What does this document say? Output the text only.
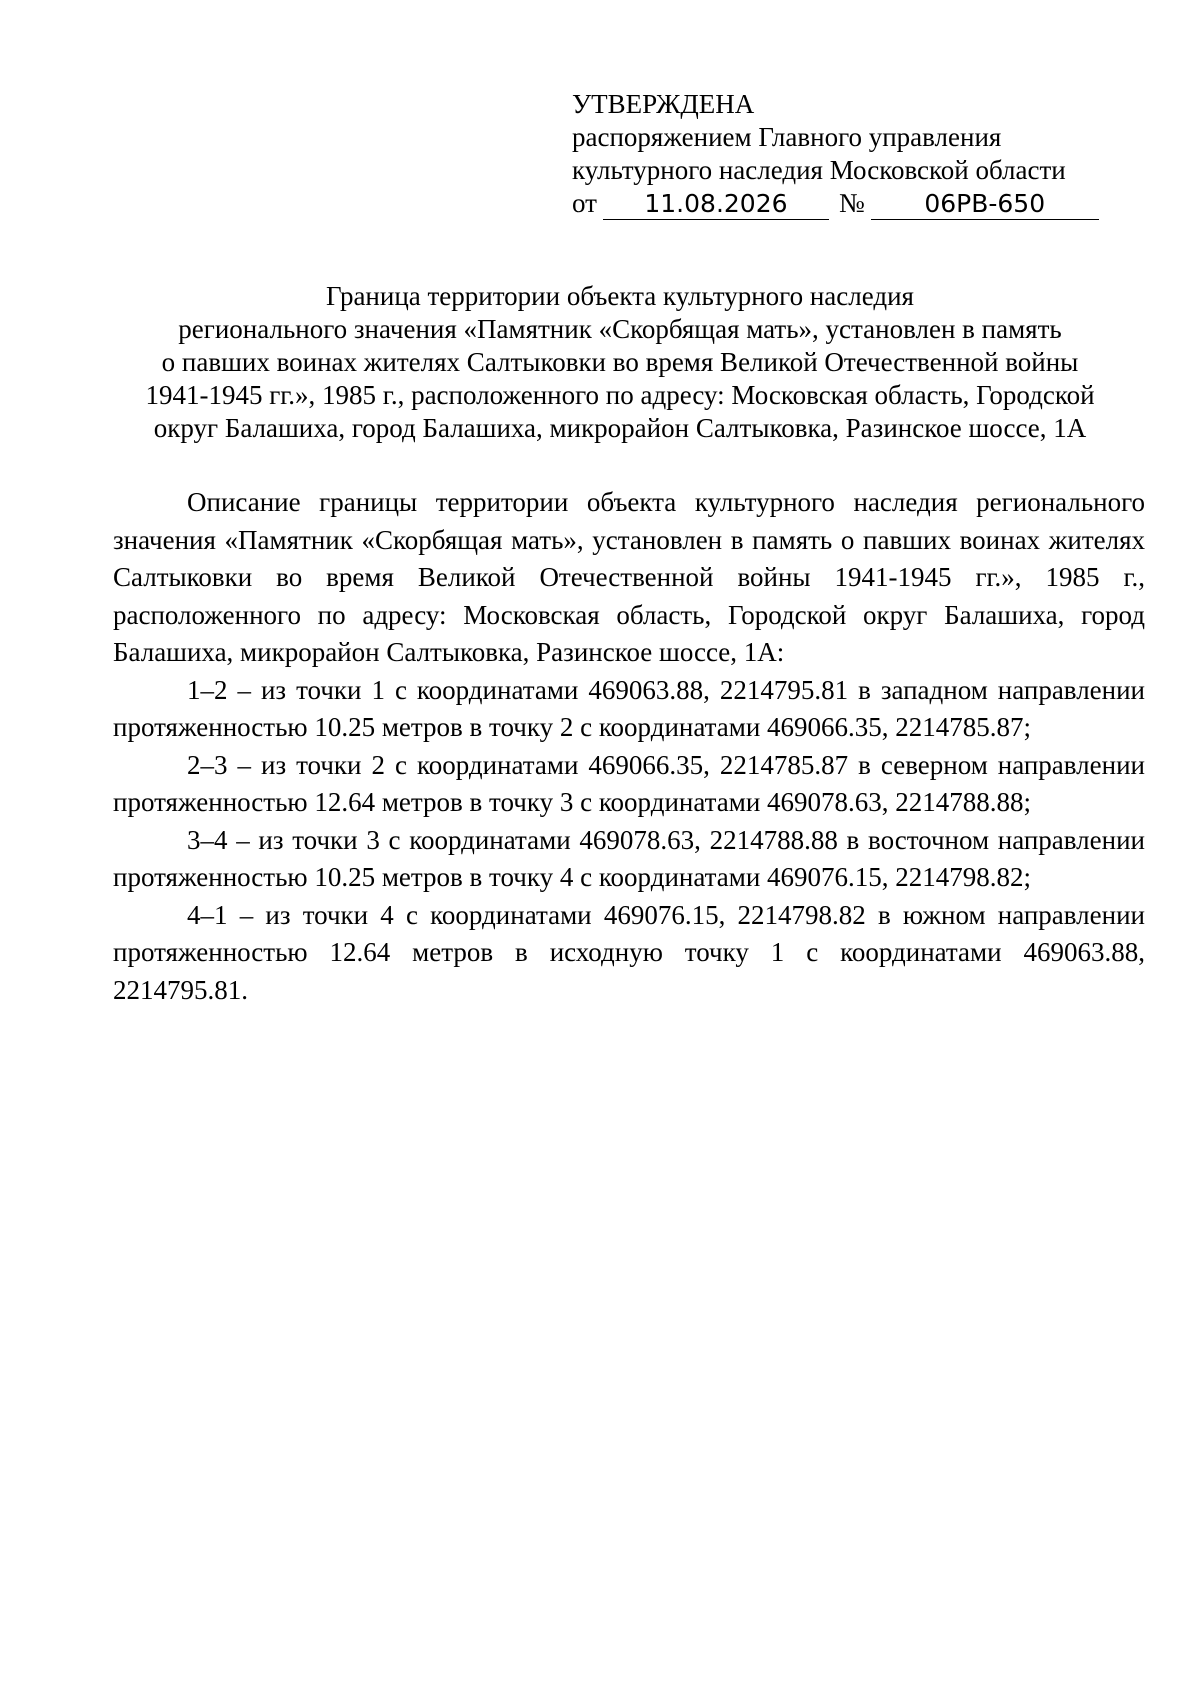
УТВЕРЖДЕНА
распоряжением Главного управления
культурного наследия Московской области
от	11.08.2026	№	06РВ-650
Граница территории объекта культурного наследия
регионального значения «Памятник «Скорбящая мать», установлен в память
о павших воинах жителях Салтыковки во время Великой Отечественной войны
1941-1945 гг.», 1985 г., расположенного по адресу: Московская область, Городской
округ Балашиха, город Балашиха, микрорайон Салтыковка, Разинское шоссе, 1А

Описание границы территории объекта культурного наследия регионального значения «Памятник «Скорбящая мать», установлен в память о павших воинах жителях Салтыковки во время Великой Отечественной войны 1941-1945 гг.», 1985 г., расположенного по адресу: Московская область, Городской округ Балашиха, город Балашиха, микрорайон Салтыковка, Разинское шоссе, 1А:

1–2 – из точки 1 с координатами 469063.88, 2214795.81 в западном направлении протяженностью 10.25 метров в точку 2 с координатами 469066.35, 2214785.87;

2–3 – из точки 2 с координатами 469066.35, 2214785.87 в северном направлении протяженностью 12.64 метров в точку 3 с координатами 469078.63, 2214788.88;

3–4 – из точки 3 с координатами 469078.63, 2214788.88 в восточном направлении протяженностью 10.25 метров в точку 4 с координатами 469076.15, 2214798.82;

4–1 – из точки 4 с координатами 469076.15, 2214798.82 в южном направлении протяженностью 12.64 метров в исходную точку 1 с координатами 469063.88, 2214795.81.
